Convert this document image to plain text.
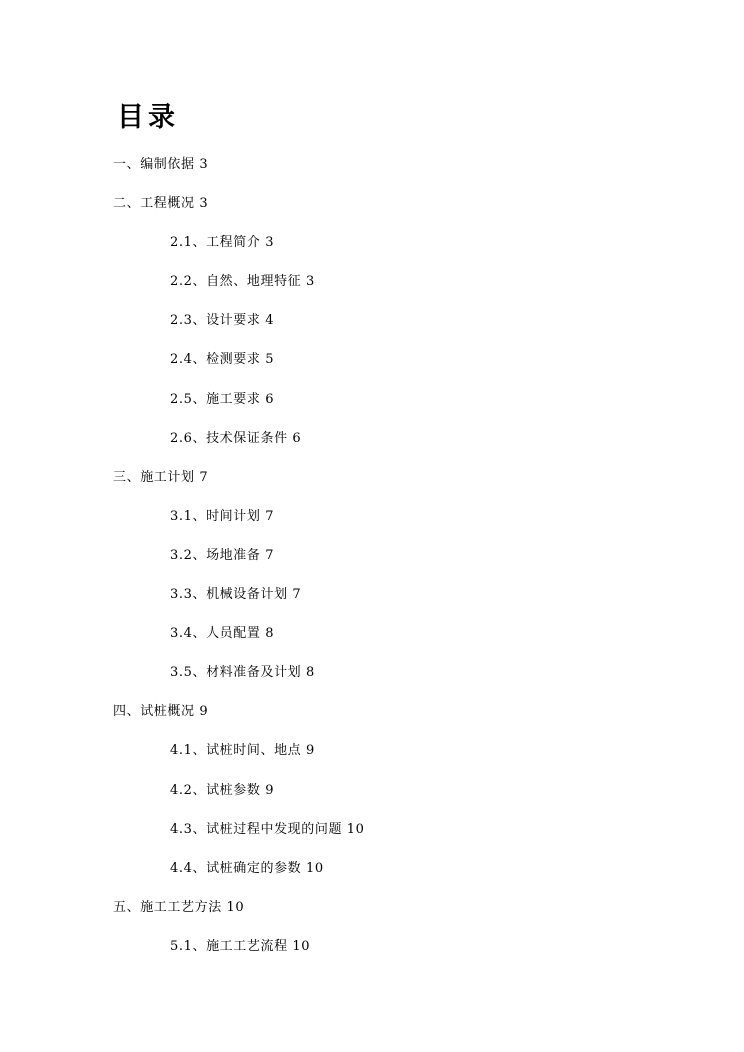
目录
一、编制依据 3
二、工程概况 3
2.1、工程简介 3
2.2、自然、地理特征 3
2.3、设计要求 4
2.4、检测要求 5
2.5、施工要求 6
2.6、技术保证条件 6
三、施工计划 7
3.1、时间计划 7
3.2、场地准备 7
3.3、机械设备计划 7
3.4、人员配置 8
3.5、材料准备及计划 8
四、试桩概况 9
4.1、试桩时间、地点 9
4.2、试桩参数 9
4.3、试桩过程中发现的问题 10
4.4、试桩确定的参数 10
五、施工工艺方法 10
5.1、施工工艺流程 10
